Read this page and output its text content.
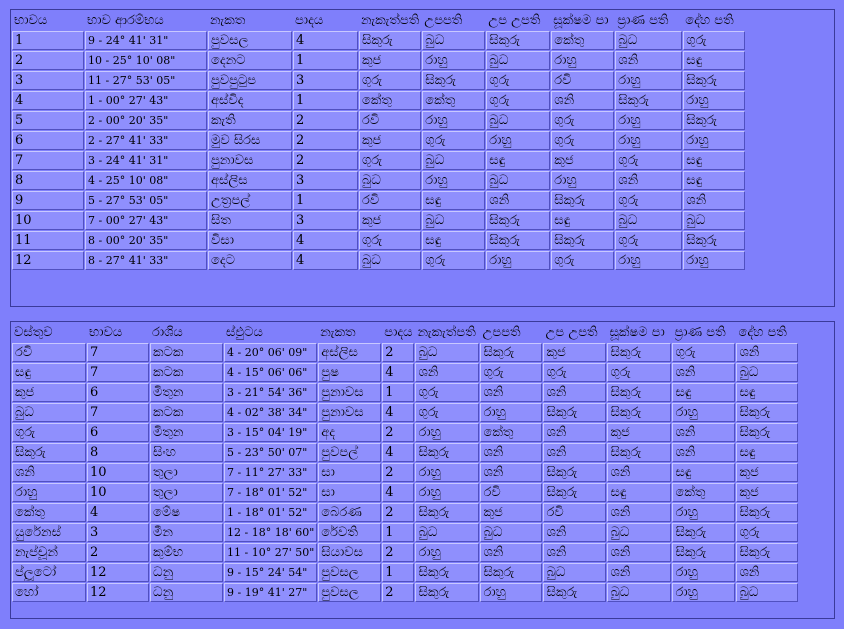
භාවය	භාව ආරම්භය	නැකත	පාදය	නැකැත්පති	උපපති	උප උපති	සූක්ෂම පා	ප්‍රාණ පති	දේහ පති
1	9 - 24° 41' 31"	පුවසල	4	සිකුරු	බුධ	සිකුරු	කේතු	බුධ	ගුරු
2	10 - 25° 10' 08"	දෙනට	1	කුජ	රාහු	බුධ	රාහු	ශනි	සඳු
3	11 - 27° 53' 05"	පුවපුටුප	3	ගුරු	සිකුරු	ගුරු	රවි	රාහු	සිකුරු
4	1 - 00° 27' 43"	අස්විද	1	කේතු	කේතු	ගුරු	ශනි	සිකුරු	රාහු
5	2 - 00° 20' 35"	කැති	2	රවි	රාහු	බුධ	ගුරු	රාහු	සිකුරු
6	2 - 27° 41' 33"	මුව සිරස	2	කුජ	ගුරු	රාහු	ගුරු	රාහු	රාහු
7	3 - 24° 41' 31"	පුනාවස	2	ගුරු	බුධ	සඳු	කුජ	ගුරු	සඳු
8	4 - 25° 10' 08"	අස්ලිස	3	බුධ	රාහු	බුධ	රාහු	ශනි	සඳු
9	5 - 27° 53' 05"	උත්‍රපල්	1	රවි	සඳු	ශනි	සිකුරු	ගුරු	ශනි
10	7 - 00° 27' 43"	සිත	3	කුජ	බුධ	සිකුරු	සඳු	බුධ	බුධ
11	8 - 00° 20' 35"	විසා	4	ගුරු	සඳු	සිකුරු	සිකුරු	ගුරු	සිකුරු
12	8 - 27° 41' 33"	දෙට	4	බුධ	ගුරු	රාහු	ගුරු	රාහු	රාහු
වස්තුව	භාවය	රාශිය	ස්ඵුටය	නැකත	පාදය	නැකැත්පති	උපපති	උප උපති	සූක්ෂම පා	ප්‍රාණ පති	දේහ පති
රවි	7	කටක	4 - 20° 06' 09"	අස්ලිස	2	බුධ	සිකුරු	කුජ	සිකුරු	ගුරු	ශනි
සඳු	7	කටක	4 - 15° 06' 06"	පුෂ	4	ශනි	ගුරු	ගුරු	ගුරු	ශනි	බුධ
කුජ	6	මිතුන	3 - 21° 54' 36"	පුනාවස	1	ගුරු	ශනි	ශනි	සිකුරු	සඳු	සඳු
බුධ	7	කටක	4 - 02° 38' 34"	පුනාවස	4	ගුරු	රාහු	සිකුරු	සිකුරු	රාහු	සිකුරු
ගුරු	6	මිතුන	3 - 15° 04' 19"	අද	2	රාහු	කේතු	ශනි	කුජ	ශනි	සිකුරු
සිකුරු	8	සිංහ	5 - 23° 50' 07"	පුවපල්	4	සිකුරු	ශනි	ශනි	සිකුරු	ශනි	සඳු
ශනි	10	තුලා	7 - 11° 27' 33"	සා	2	රාහු	ශනි	සිකුරු	ශනි	සඳු	කුජ
රාහු	10	තුලා	7 - 18° 01' 52"	සා	4	රාහු	රවි	සිකුරු	සඳු	කේතු	කුජ
කේතු	4	මේෂ	1 - 18° 01' 52"	බෙරණ	2	සිකුරු	කුජ	රවි	ශනි	රාහු	සිකුරු
යුරේනස්	3	මීන	12 - 18° 18' 60"	රේවති	1	බුධ	බුධ	ශනි	බුධ	සිකුරු	ගුරු
නැප්චූන්	2	කුම්භ	11 - 10° 27' 50"	සියාවස	2	රාහු	ශනි	ශනි	ශනි	සිකුරු	සිකුරු
ප්ලූටෝ	12	ධනු	9 - 15° 24' 54"	පුවසල	1	සිකුරු	සිකුරු	බුධ	ශනි	රාහු	ශනි
හෝ	12	ධනු	9 - 19° 41' 27"	පුවසල	2	සිකුරු	රාහු	සිකුරු	බුධ	රාහු	බුධ
